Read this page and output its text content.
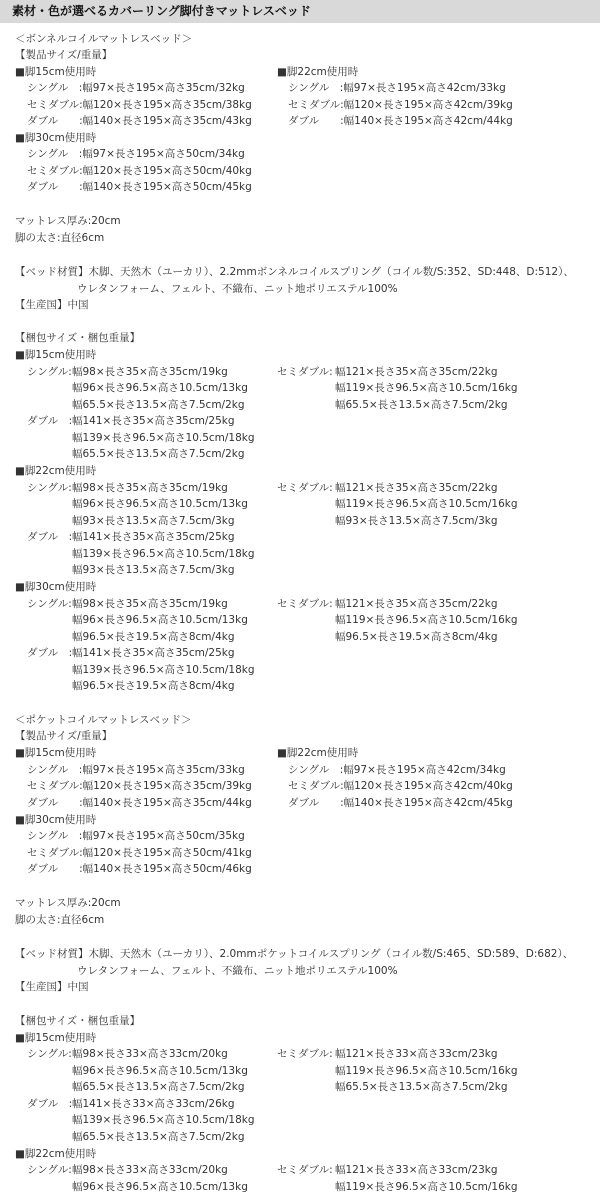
素材・色が選べるカバーリング脚付きマットレスベッド
＜ボンネルコイルマットレスベッド＞
【製品サイズ/重量】
■脚15cm使用時
シングル　:幅97×長さ195×高さ35cm/32kg
セミダブル:幅120×長さ195×高さ35cm/38kg
ダブル　　:幅140×長さ195×高さ35cm/43kg
■脚22cm使用時
シングル　:幅97×長さ195×高さ42cm/33kg
セミダブル:幅120×長さ195×高さ42cm/39kg
ダブル　　:幅140×長さ195×高さ42cm/44kg
■脚30cm使用時
シングル　:幅97×長さ195×高さ50cm/34kg
セミダブル:幅120×長さ195×高さ50cm/40kg
ダブル　　:幅140×長さ195×高さ50cm/45kg
マットレス厚み:20cm
脚の太さ:直径6cm
【ベッド材質】木脚、天然木（ユーカリ）、2.2mmボンネルコイルスプリング（コイル数/S:352、SD:448、D:512）、
ウレタンフォーム、フェルト、不織布、ニット地ポリエステル100%
【生産国】中国
【梱包サイズ・梱包重量】
■脚15cm使用時
シングル: 幅98×長さ35×高さ35cm/19kg
幅96×長さ96.5×高さ10.5cm/13kg
幅65.5×長さ13.5×高さ7.5cm/2kg
セミダブル: 幅121×長さ35×高さ35cm/22kg
幅119×長さ96.5×高さ10.5cm/16kg
幅65.5×長さ13.5×高さ7.5cm/2kg
ダブル　: 幅141×長さ35×高さ35cm/25kg
幅139×長さ96.5×高さ10.5cm/18kg
幅65.5×長さ13.5×高さ7.5cm/2kg
■脚22cm使用時
シングル: 幅98×長さ35×高さ35cm/19kg
幅96×長さ96.5×高さ10.5cm/13kg
幅93×長さ13.5×高さ7.5cm/3kg
セミダブル: 幅121×長さ35×高さ35cm/22kg
幅119×長さ96.5×高さ10.5cm/16kg
幅93×長さ13.5×高さ7.5cm/3kg
ダブル　: 幅141×長さ35×高さ35cm/25kg
幅139×長さ96.5×高さ10.5cm/18kg
幅93×長さ13.5×高さ7.5cm/3kg
■脚30cm使用時
シングル: 幅98×長さ35×高さ35cm/19kg
幅96×長さ96.5×高さ10.5cm/13kg
幅96.5×長さ19.5×高さ8cm/4kg
セミダブル: 幅121×長さ35×高さ35cm/22kg
幅119×長さ96.5×高さ10.5cm/16kg
幅96.5×長さ19.5×高さ8cm/4kg
ダブル　: 幅141×長さ35×高さ35cm/25kg
幅139×長さ96.5×高さ10.5cm/18kg
幅96.5×長さ19.5×高さ8cm/4kg
＜ポケットコイルマットレスベッド＞
【製品サイズ/重量】
■脚15cm使用時
シングル　:幅97×長さ195×高さ35cm/33kg
セミダブル:幅120×長さ195×高さ35cm/39kg
ダブル　　:幅140×長さ195×高さ35cm/44kg
■脚22cm使用時
シングル　:幅97×長さ195×高さ42cm/34kg
セミダブル:幅120×長さ195×高さ42cm/40kg
ダブル　　:幅140×長さ195×高さ42cm/45kg
■脚30cm使用時
シングル　:幅97×長さ195×高さ50cm/35kg
セミダブル:幅120×長さ195×高さ50cm/41kg
ダブル　　:幅140×長さ195×高さ50cm/46kg
マットレス厚み:20cm
脚の太さ:直径6cm
【ベッド材質】木脚、天然木（ユーカリ）、2.0mmポケットコイルスプリング（コイル数/S:465、SD:589、D:682）、
ウレタンフォーム、フェルト、不織布、ニット地ポリエステル100%
【生産国】中国
【梱包サイズ・梱包重量】
■脚15cm使用時
シングル: 幅98×長さ33×高さ33cm/20kg
幅96×長さ96.5×高さ10.5cm/13kg
幅65.5×長さ13.5×高さ7.5cm/2kg
セミダブル: 幅121×長さ33×高さ33cm/23kg
幅119×長さ96.5×高さ10.5cm/16kg
幅65.5×長さ13.5×高さ7.5cm/2kg
ダブル　: 幅141×長さ33×高さ33cm/26kg
幅139×長さ96.5×高さ10.5cm/18kg
幅65.5×長さ13.5×高さ7.5cm/2kg
■脚22cm使用時
シングル: 幅98×長さ33×高さ33cm/20kg
幅96×長さ96.5×高さ10.5cm/13kg
セミダブル: 幅121×長さ33×高さ33cm/23kg
幅119×長さ96.5×高さ10.5cm/16kg
